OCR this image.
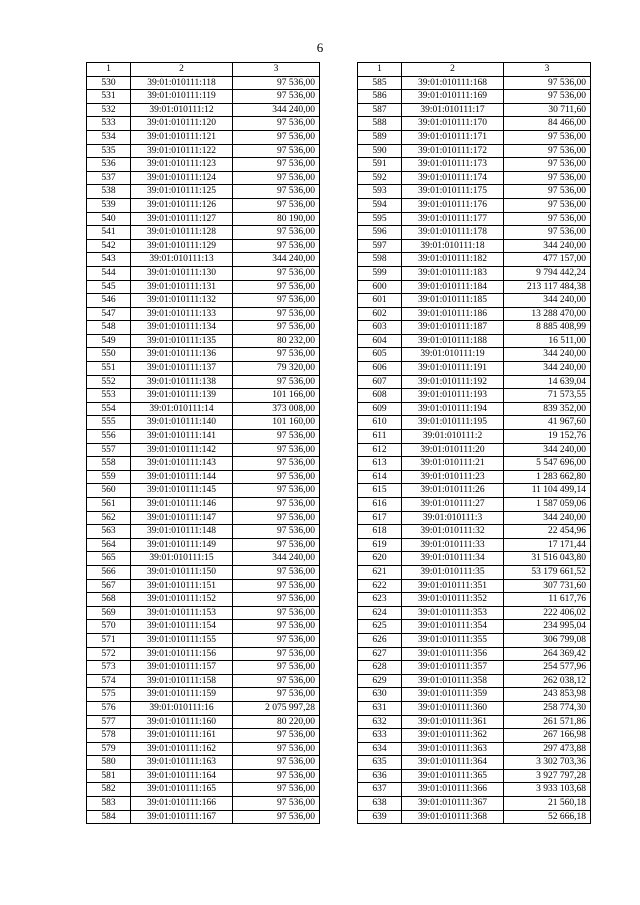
6
1	2	3
530	39:01:010111:118	97 536,00
531	39:01:010111:119	97 536,00
532	39:01:010111:12	344 240,00
533	39:01:010111:120	97 536,00
534	39:01:010111:121	97 536,00
535	39:01:010111:122	97 536,00
536	39:01:010111:123	97 536,00
537	39:01:010111:124	97 536,00
538	39:01:010111:125	97 536,00
539	39:01:010111:126	97 536,00
540	39:01:010111:127	80 190,00
541	39:01:010111:128	97 536,00
542	39:01:010111:129	97 536,00
543	39:01:010111:13	344 240,00
544	39:01:010111:130	97 536,00
545	39:01:010111:131	97 536,00
546	39:01:010111:132	97 536,00
547	39:01:010111:133	97 536,00
548	39:01:010111:134	97 536,00
549	39:01:010111:135	80 232,00
550	39:01:010111:136	97 536,00
551	39:01:010111:137	79 320,00
552	39:01:010111:138	97 536,00
553	39:01:010111:139	101 166,00
554	39:01:010111:14	373 008,00
555	39:01:010111:140	101 160,00
556	39:01:010111:141	97 536,00
557	39:01:010111:142	97 536,00
558	39:01:010111:143	97 536,00
559	39:01:010111:144	97 536,00
560	39:01:010111:145	97 536,00
561	39:01:010111:146	97 536,00
562	39:01:010111:147	97 536,00
563	39:01:010111:148	97 536,00
564	39:01:010111:149	97 536,00
565	39:01:010111:15	344 240,00
566	39:01:010111:150	97 536,00
567	39:01:010111:151	97 536,00
568	39:01:010111:152	97 536,00
569	39:01:010111:153	97 536,00
570	39:01:010111:154	97 536,00
571	39:01:010111:155	97 536,00
572	39:01:010111:156	97 536,00
573	39:01:010111:157	97 536,00
574	39:01:010111:158	97 536,00
575	39:01:010111:159	97 536,00
576	39:01:010111:16	2 075 997,28
577	39:01:010111:160	80 220,00
578	39:01:010111:161	97 536,00
579	39:01:010111:162	97 536,00
580	39:01:010111:163	97 536,00
581	39:01:010111:164	97 536,00
582	39:01:010111:165	97 536,00
583	39:01:010111:166	97 536,00
584	39:01:010111:167	97 536,00
1	2	3
585	39:01:010111:168	97 536,00
586	39:01:010111:169	97 536,00
587	39:01:010111:17	30 711,60
588	39:01:010111:170	84 466,00
589	39:01:010111:171	97 536,00
590	39:01:010111:172	97 536,00
591	39:01:010111:173	97 536,00
592	39:01:010111:174	97 536,00
593	39:01:010111:175	97 536,00
594	39:01:010111:176	97 536,00
595	39:01:010111:177	97 536,00
596	39:01:010111:178	97 536,00
597	39:01:010111:18	344 240,00
598	39:01:010111:182	477 157,00
599	39:01:010111:183	9 794 442,24
600	39:01:010111:184	213 117 484,38
601	39:01:010111:185	344 240,00
602	39:01:010111:186	13 288 470,00
603	39:01:010111:187	8 885 408,99
604	39:01:010111:188	16 511,00
605	39:01:010111:19	344 240,00
606	39:01:010111:191	344 240,00
607	39:01:010111:192	14 639,04
608	39:01:010111:193	71 573,55
609	39:01:010111:194	839 352,00
610	39:01:010111:195	41 967,60
611	39:01:010111:2	19 152,76
612	39:01:010111:20	344 240,00
613	39:01:010111:21	5 547 696,00
614	39:01:010111:23	1 283 662,80
615	39:01:010111:26	11 104 499,14
616	39:01:010111:27	1 587 059,06
617	39:01:010111:3	344 240,00
618	39:01:010111:32	22 454,96
619	39:01:010111:33	17 171,44
620	39:01:010111:34	31 516 043,80
621	39:01:010111:35	53 179 661,52
622	39:01:010111:351	307 731,60
623	39:01:010111:352	11 617,76
624	39:01:010111:353	222 406,02
625	39:01:010111:354	234 995,04
626	39:01:010111:355	306 799,08
627	39:01:010111:356	264 369,42
628	39:01:010111:357	254 577,96
629	39:01:010111:358	262 038,12
630	39:01:010111:359	243 853,98
631	39:01:010111:360	258 774,30
632	39:01:010111:361	261 571,86
633	39:01:010111:362	267 166,98
634	39:01:010111:363	297 473,88
635	39:01:010111:364	3 302 703,36
636	39:01:010111:365	3 927 797,28
637	39:01:010111:366	3 933 103,68
638	39:01:010111:367	21 560,18
639	39:01:010111:368	52 666,18
